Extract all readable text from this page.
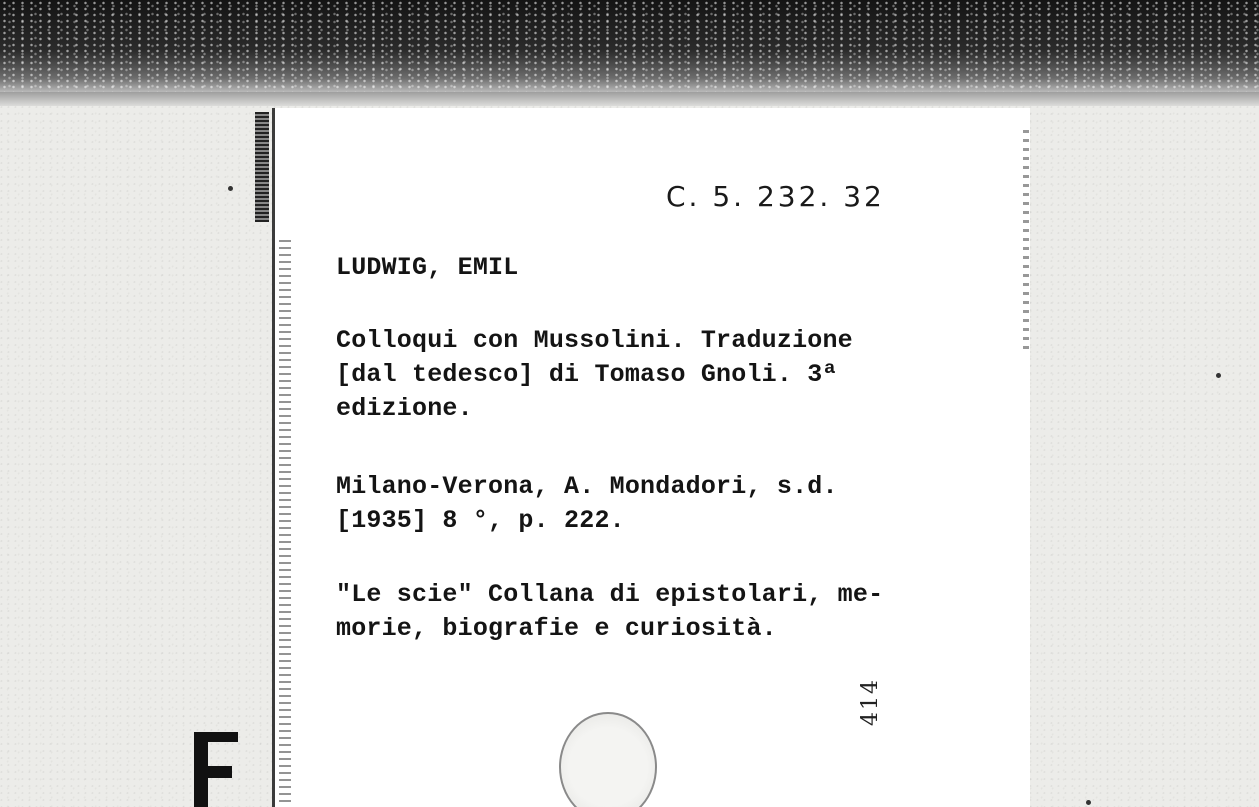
C. 5. 232. 32
LUDWIG, EMIL
Colloqui con Mussolini. Traduzione
[dal tedesco] di Tomaso Gnoli. 3ª
edizione.
Milano-Verona, A. Mondadori, s.d.
[1935] 8 °, p. 222.
"Le scie" Collana di epistolari, me-
morie, biografie e curiosità.
414
